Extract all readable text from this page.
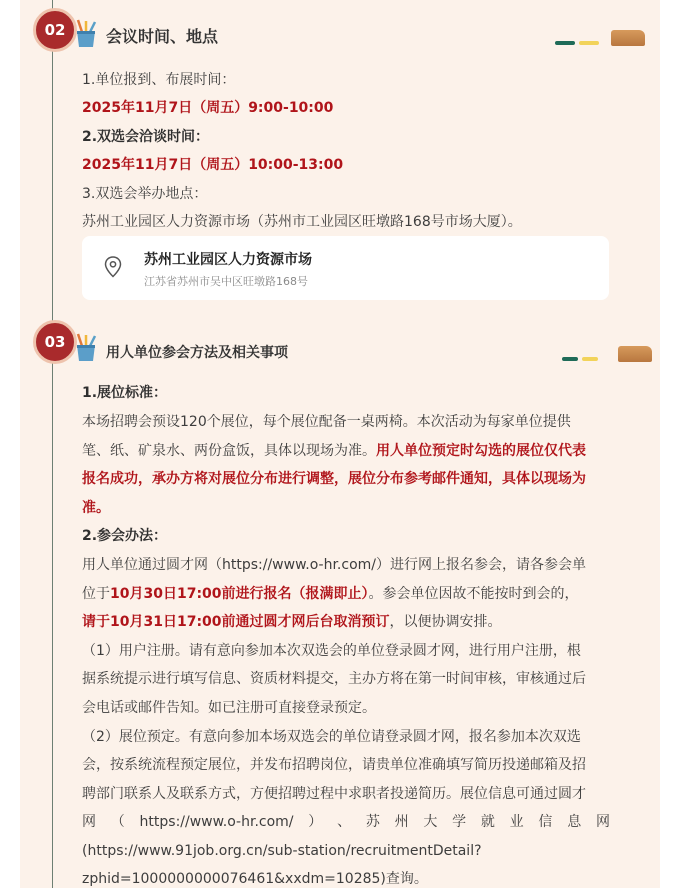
02	会议时间、地点
1.单位报到、布展时间：
2025年11月7日（周五）9:00-10:00
2.双选会洽谈时间：
2025年11月7日（周五）10:00-13:00
3.双选会举办地点：
苏州工业园区人力资源市场（苏州市工业园区旺墩路168号市场大厦）。
苏州工业园区人力资源市场
江苏省苏州市吴中区旺墩路168号
03
用人单位参会方法及相关事项
1.展位标准：
本场招聘会预设120个展位，每个展位配备一桌两椅。本次活动为每家单位提供
笔、纸、矿泉水、两份盒饭，具体以现场为准。用人单位预定时勾选的展位仅代表
报名成功，承办方将对展位分布进行调整，展位分布参考邮件通知，具体以现场为
准。
2.参会办法：
用人单位通过圆才网（https://www.o-hr.com/）进行网上报名参会，请各参会单
位于10月30日17:00前进行报名（报满即止）。参会单位因故不能按时到会的，
请于10月31日17:00前通过圆才网后台取消预订，以便协调安排。
（1）用户注册。请有意向参加本次双选会的单位登录圆才网，进行用户注册，根
据系统提示进行填写信息、资质材料提交，主办方将在第一时间审核，审核通过后
会电话或邮件告知。如已注册可直接登录预定。
（2）展位预定。有意向参加本场双选会的单位请登录圆才网，报名参加本次双选
会，按系统流程预定展位，并发布招聘岗位，请贵单位准确填写简历投递邮箱及招
聘部门联系人及联系方式，方便招聘过程中求职者投递简历。展位信息可通过圆才
网 （ https://www.o-hr.com/ ） 、 苏 州 大 学 就 业 信 息 网
(https://www.91job.org.cn/sub-station/recruitmentDetail?
zphid=1000000000076461&xxdm=10285)查询。
